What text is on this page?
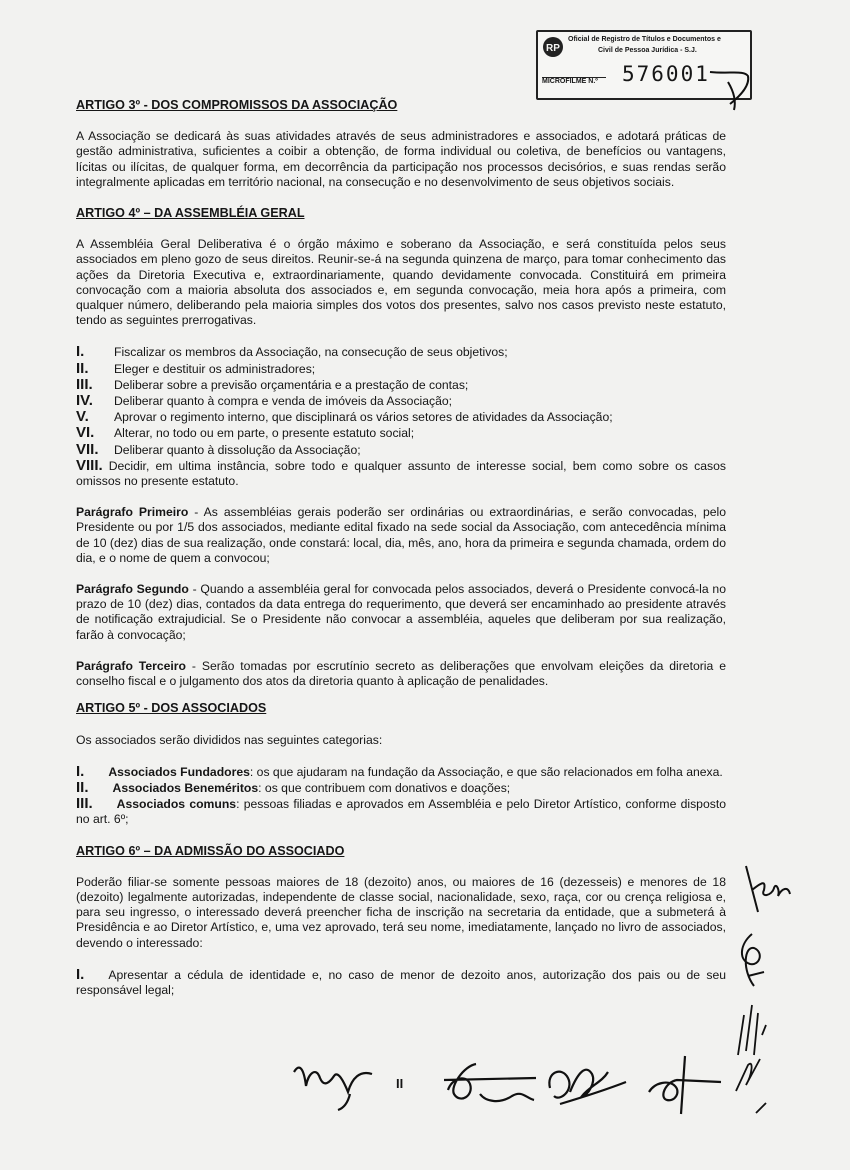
RP
Oficial de Registro de Títulos e Documentos e
Civil de Pessoa Jurídica - S.J.
MICROFILME N.º 576001
ARTIGO 3º - DOS COMPROMISSOS DA ASSOCIAÇÃO

A Associação se dedicará às suas atividades através de seus administradores e associados, e adotará práticas de gestão administrativa, suficientes a coibir a obtenção, de forma individual ou coletiva, de benefícios ou vantagens, lícitas ou ilícitas, de qualquer forma, em decorrência da participação nos processos decisórios, e suas rendas serão integralmente aplicadas em território nacional, na consecução e no desenvolvimento de seus objetivos sociais.

ARTIGO 4º – DA ASSEMBLÉIA GERAL

A Assembléia Geral Deliberativa é o órgão máximo e soberano da Associação, e será constituída pelos seus associados em pleno gozo de seus direitos. Reunir-se-á na segunda quinzena de março, para tomar conhecimento das ações da Diretoria Executiva e, extraordinariamente, quando devidamente convocada. Constituirá em primeira convocação com a maioria absoluta dos associados e, em segunda convocação, meia hora após a primeira, com qualquer número, deliberando pela maioria simples dos votos dos presentes, salvo nos casos previsto neste estatuto, tendo as seguintes prerrogativas.

I.	Fiscalizar os membros da Associação, na consecução de seus objetivos;
II.	Eleger e destituir os administradores;
III.	Deliberar sobre a previsão orçamentária e a prestação de contas;
IV.	Deliberar quanto à compra e venda de imóveis da Associação;
V.	Aprovar o regimento interno, que disciplinará os vários setores de atividades da Associação;
VI.	Alterar, no todo ou em parte, o presente estatuto social;
VII.	Deliberar quanto à dissolução da Associação;
VIII. Decidir, em ultima instância, sobre todo e qualquer assunto de interesse social, bem como sobre os casos omissos no presente estatuto.

Parágrafo Primeiro - As assembléias gerais poderão ser ordinárias ou extraordinárias, e serão convocadas, pelo Presidente ou por 1/5 dos associados, mediante edital fixado na sede social da Associação, com antecedência mínima de 10 (dez) dias de sua realização, onde constará: local, dia, mês, ano, hora da primeira e segunda chamada, ordem do dia, e o nome de quem a convocou;

Parágrafo Segundo - Quando a assembléia geral for convocada pelos associados, deverá o Presidente convocá-la no prazo de 10 (dez) dias, contados da data entrega do requerimento, que deverá ser encaminhado ao presidente através de notificação extrajudicial. Se o Presidente não convocar a assembléia, aqueles que deliberam por sua realização, farão à convocação;

Parágrafo Terceiro - Serão tomadas por escrutínio secreto as deliberações que envolvam eleições da diretoria e conselho fiscal e o julgamento dos atos da diretoria quanto à aplicação de penalidades.

ARTIGO 5º - DOS ASSOCIADOS

Os associados serão divididos nas seguintes categorias:

I. Associados Fundadores: os que ajudaram na fundação da Associação, e que são relacionados em folha anexa.
II. Associados Beneméritos: os que contribuem com donativos e doações;
III. Associados comuns: pessoas filiadas e aprovados em Assembléia e pelo Diretor Artístico, conforme disposto no art. 6º;
ARTIGO 6º – DA ADMISSÃO DO ASSOCIADO

Poderão filiar-se somente pessoas maiores de 18 (dezoito) anos, ou maiores de 16 (dezesseis) e menores de 18 (dezoito) legalmente autorizadas, independente de classe social, nacionalidade, sexo, raça, cor ou crença religiosa e, para seu ingresso, o interessado deverá preencher ficha de inscrição na secretaria da entidade, que a submeterá à Presidência e ao Diretor Artístico, e, uma vez aprovado, terá seu nome, imediatamente, lançado no livro de associados, devendo o interessado:

I. Apresentar a cédula de identidade e, no caso de menor de dezoito anos, autorização dos pais ou de seu responsável legal;
II
